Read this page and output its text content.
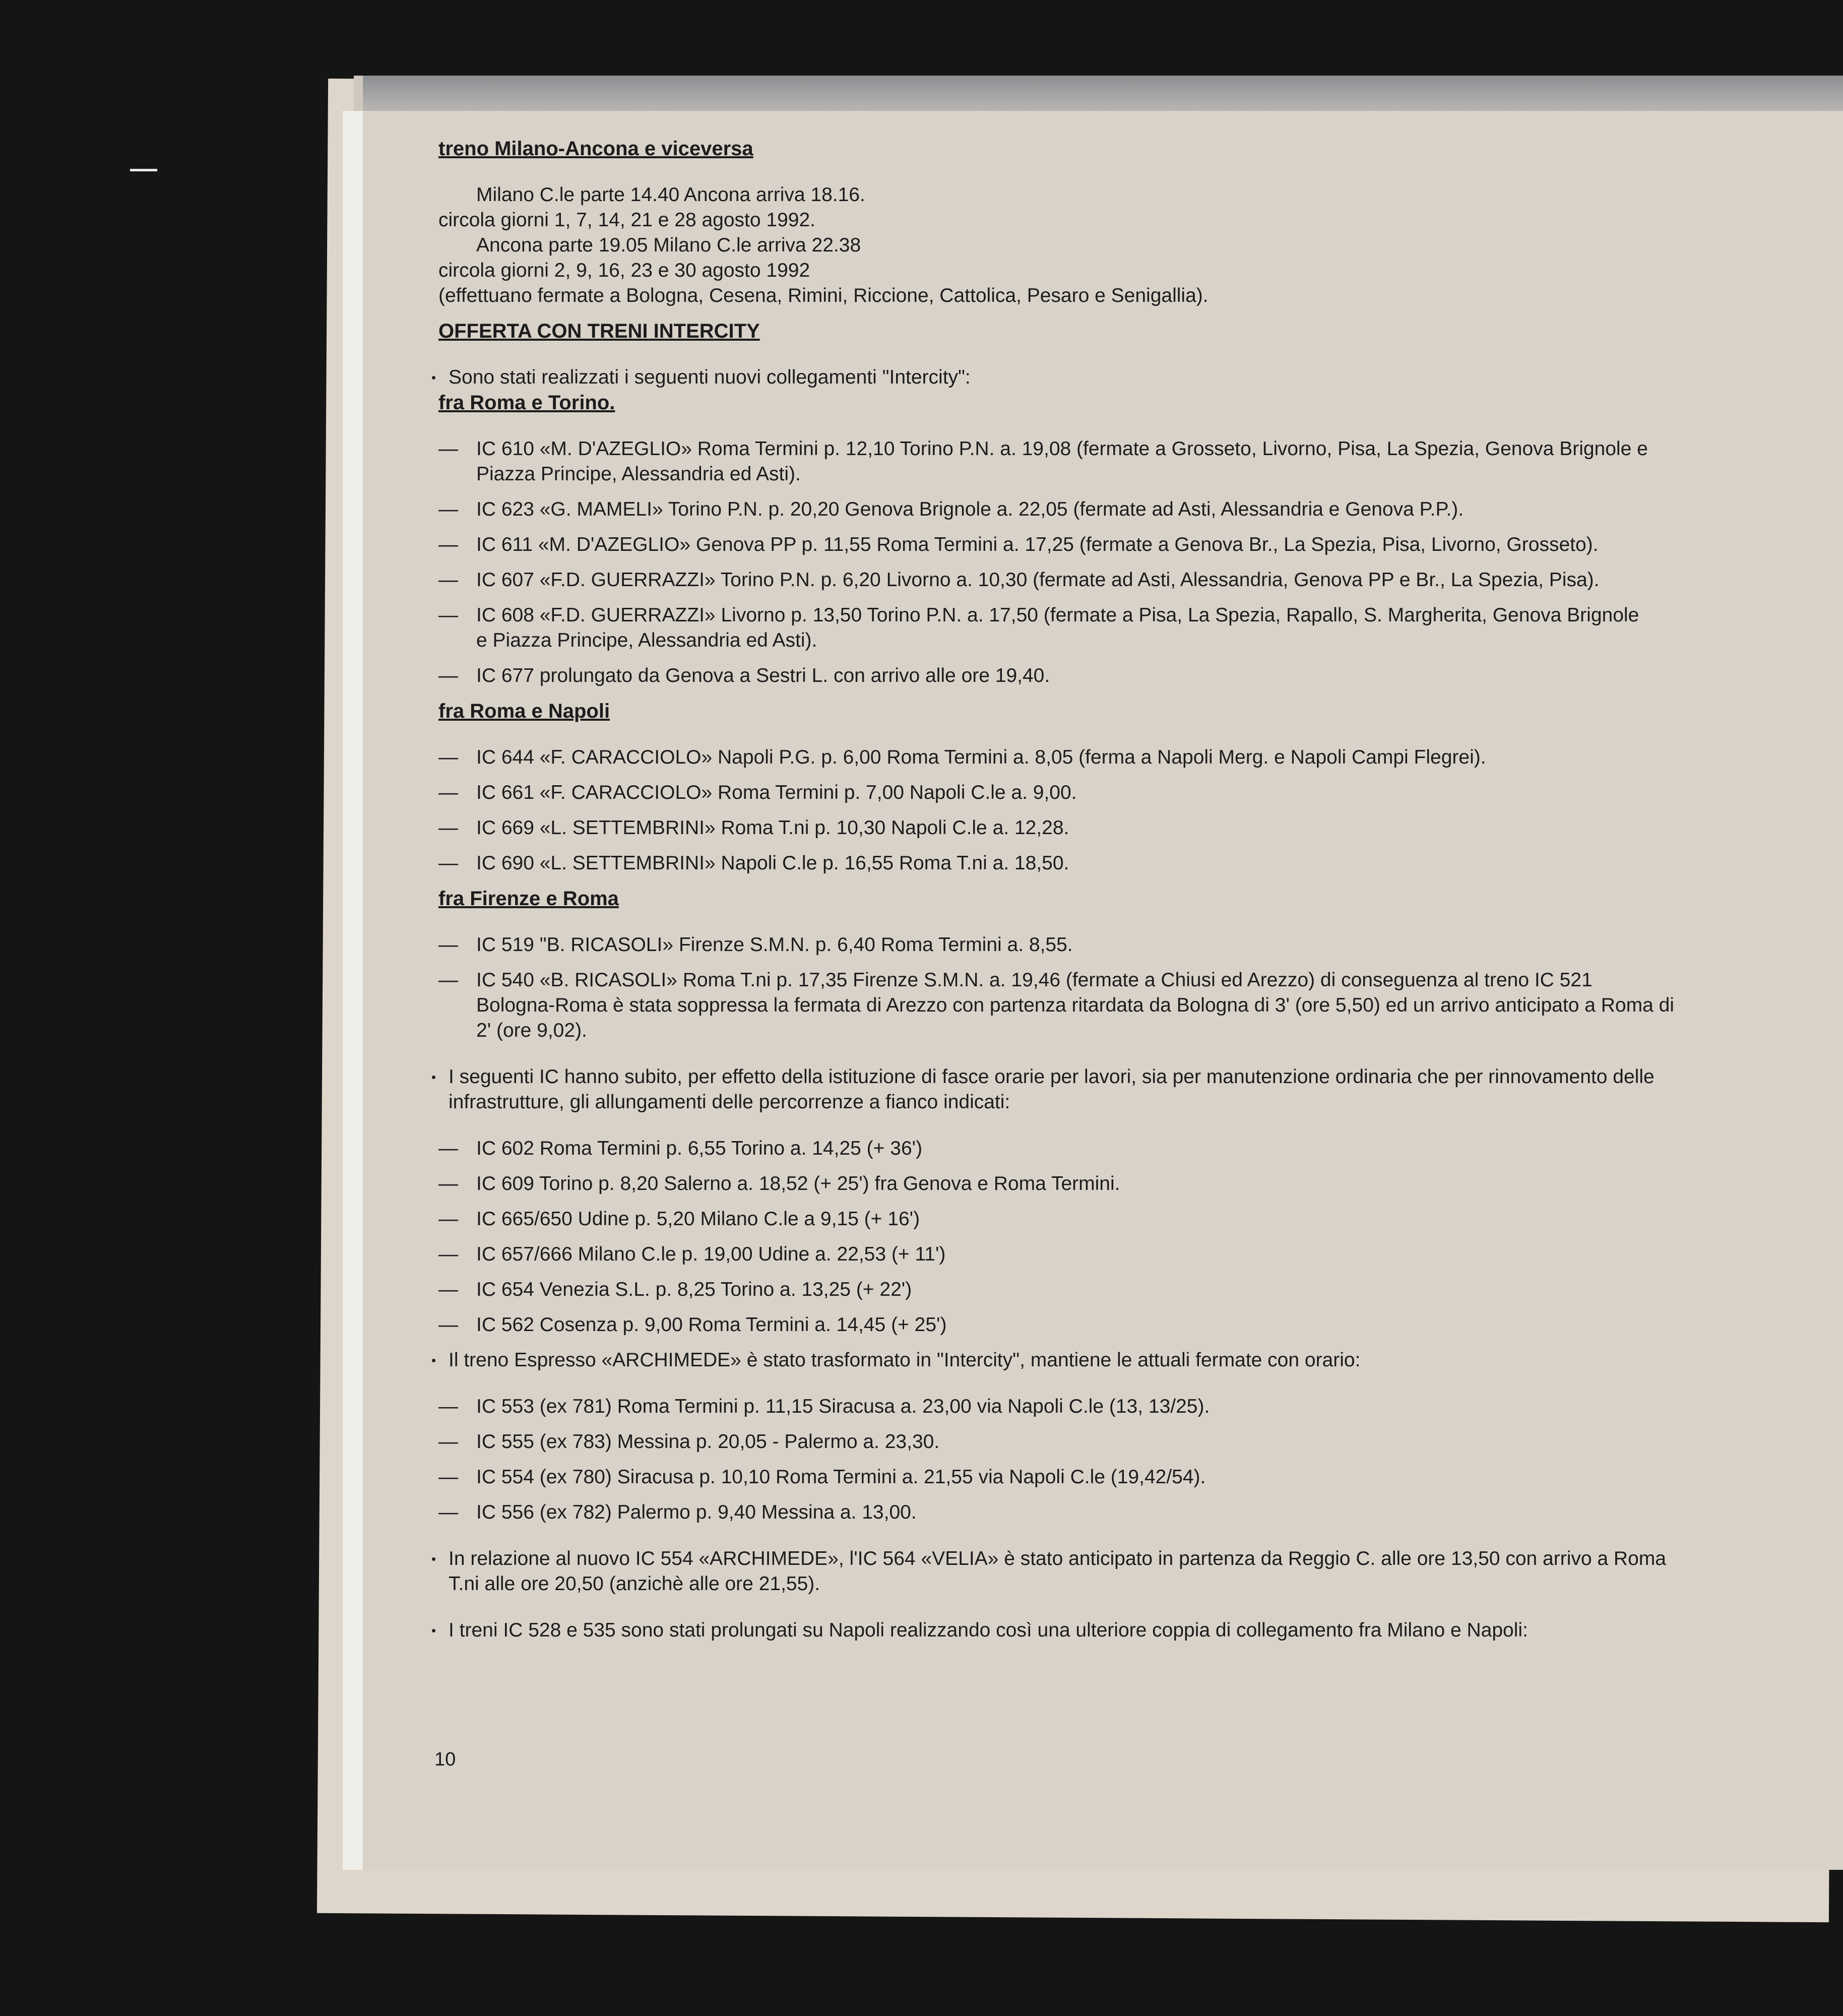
treno Milano-Ancona e viceversa

Milano C.le parte 14.40 Ancona arriva 18.16.

circola giorni 1, 7, 14, 21 e 28 agosto 1992.

Ancona parte 19.05 Milano C.le arriva 22.38

circola giorni 2, 9, 16, 23 e 30 agosto 1992

(effettuano fermate a Bologna, Cesena, Rimini, Riccione, Cattolica, Pesaro e Senigallia).

OFFERTA CON TRENI INTERCITY

• Sono stati realizzati i seguenti nuovi collegamenti "Intercity":

fra Roma e Torino.

— IC 610 «M. D'AZEGLIO» Roma Termini p. 12,10 Torino P.N. a. 19,08 (fermate a Grosseto, Livorno, Pisa, La Spezia, Genova Brignole e

Piazza Principe, Alessandria ed Asti).

— IC 623 «G. MAMELI» Torino P.N. p. 20,20 Genova Brignole a. 22,05 (fermate ad Asti, Alessandria e Genova P.P.).

— IC 611 «M. D'AZEGLIO» Genova PP p. 11,55 Roma Termini a. 17,25 (fermate a Genova Br., La Spezia, Pisa, Livorno, Grosseto).

— IC 607 «F.D. GUERRAZZI» Torino P.N. p. 6,20 Livorno a. 10,30 (fermate ad Asti, Alessandria, Genova PP e Br., La Spezia, Pisa).

— IC 608 «F.D. GUERRAZZI» Livorno p. 13,50 Torino P.N. a. 17,50 (fermate a Pisa, La Spezia, Rapallo, S. Margherita, Genova Brignole

e Piazza Principe, Alessandria ed Asti).

— IC 677 prolungato da Genova a Sestri L. con arrivo alle ore 19,40.

fra Roma e Napoli

— IC 644 «F. CARACCIOLO» Napoli P.G. p. 6,00 Roma Termini a. 8,05 (ferma a Napoli Merg. e Napoli Campi Flegrei).

— IC 661 «F. CARACCIOLO» Roma Termini p. 7,00 Napoli C.le a. 9,00.

— IC 669 «L. SETTEMBRINI» Roma T.ni p. 10,30 Napoli C.le a. 12,28.

— IC 690 «L. SETTEMBRINI» Napoli C.le p. 16,55 Roma T.ni a. 18,50.

fra Firenze e Roma

— IC 519 "B. RICASOLI» Firenze S.M.N. p. 6,40 Roma Termini a. 8,55.

— IC 540 «B. RICASOLI» Roma T.ni p. 17,35 Firenze S.M.N. a. 19,46 (fermate a Chiusi ed Arezzo) di conseguenza al treno IC 521

Bologna-Roma è stata soppressa la fermata di Arezzo con partenza ritardata da Bologna di 3' (ore 5,50) ed un arrivo anticipato a Roma di

2' (ore 9,02).

• I seguenti IC hanno subito, per effetto della istituzione di fasce orarie per lavori, sia per manutenzione ordinaria che per rinnovamento delle

infrastrutture, gli allungamenti delle percorrenze a fianco indicati:

— IC 602 Roma Termini p. 6,55 Torino a. 14,25 (+ 36')

— IC 609 Torino p. 8,20 Salerno a. 18,52 (+ 25') fra Genova e Roma Termini.

— IC 665/650 Udine p. 5,20 Milano C.le a 9,15 (+ 16')

— IC 657/666 Milano C.le p. 19,00 Udine a. 22,53 (+ 11')

— IC 654 Venezia S.L. p. 8,25 Torino a. 13,25 (+ 22')

— IC 562 Cosenza p. 9,00 Roma Termini a. 14,45 (+ 25')

• Il treno Espresso «ARCHIMEDE» è stato trasformato in "Intercity", mantiene le attuali fermate con orario:

— IC 553 (ex 781) Roma Termini p. 11,15 Siracusa a. 23,00 via Napoli C.le (13, 13/25).

— IC 555 (ex 783) Messina p. 20,05 - Palermo a. 23,30.

— IC 554 (ex 780) Siracusa p. 10,10 Roma Termini a. 21,55 via Napoli C.le (19,42/54).

— IC 556 (ex 782) Palermo p. 9,40 Messina a. 13,00.

• In relazione al nuovo IC 554 «ARCHIMEDE», l'IC 564 «VELIA» è stato anticipato in partenza da Reggio C. alle ore 13,50 con arrivo a Roma

T.ni alle ore 20,50 (anzichè alle ore 21,55).

• I treni IC 528 e 535 sono stati prolungati su Napoli realizzando così una ulteriore coppia di collegamento fra Milano e Napoli:

10
